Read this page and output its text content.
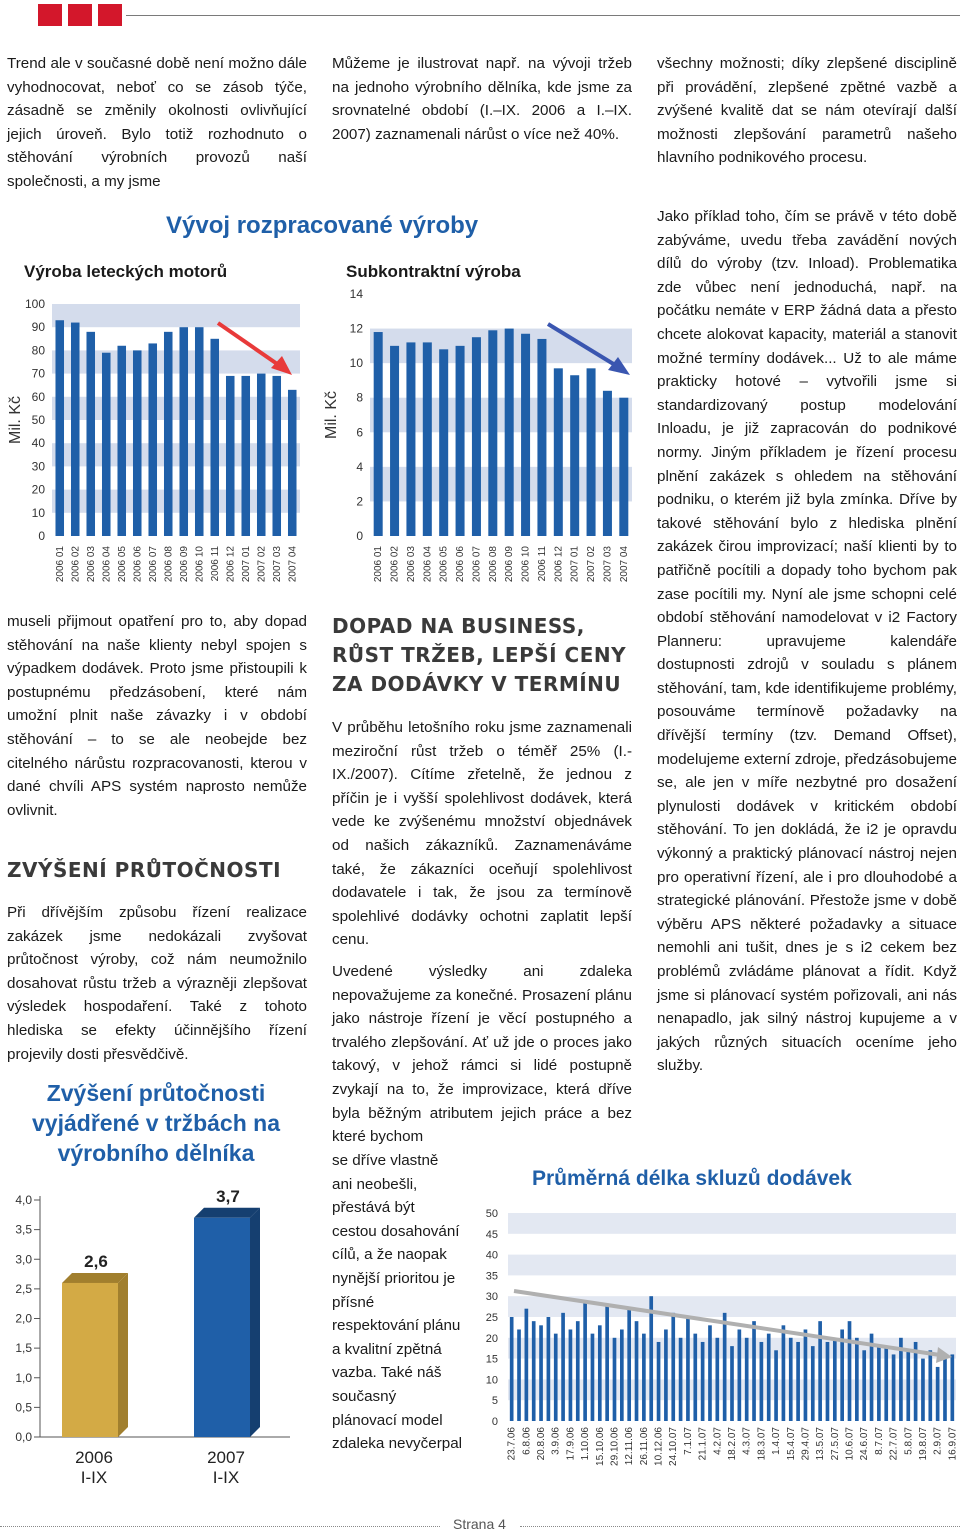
Trend ale v současné době není možno dále vyhodnocovat, neboť co se zásob týče, zásadně se změnily okolnosti ovlivňující jejich úroveň. Bylo totiž rozhodnuto o stěhování výrobních provozů naší společnosti, a my jsme

museli přijmout opatření pro to, aby dopad stěhování na naše klienty nebyl spojen s výpadkem dodávek. Proto jsme přistoupili k postupnému předzásobení, které nám umožní plnit naše závazky i v období stěhování – to se ale neobejde bez citelného nárůstu rozpracovanosti, kterou v dané chvíli APS systém naprosto nemůže ovlivnit.

ZVÝŠENÍ PRŮTOČNOSTI

Při dřívějším způsobu řízení realizace zakázek jsme nedokázali zvyšovat průtočnost výroby, což nám neumožnilo dosahovat růstu tržeb a výrazněji zlepšovat výsledek hospodaření. Také z tohoto hlediska se efekty účinnějšího řízení projevily dosti přesvědčivě.

Můžeme je ilustrovat např. na vývoji tržeb na jednoho výrobního dělníka, kde jsme za srovnatelné období (I.–IX. 2006 a I.–IX. 2007) zaznamenali nárůst o více než 40%.

DOPAD NA BUSINESS,
RŮST TRŽEB, LEPŠÍ CENY
ZA DODÁVKY V TERMÍNU

V průběhu letošního roku jsme zaznamenali meziroční růst tržeb o téměř 25% (I.-IX./2007). Cítíme zřetelně, že jednou z příčin je i vyšší spolehlivost dodávek, která vede ke zvýšenému množství objednávek od našich zákazníků. Zaznamenáváme také, že zákazníci oceňují spolehlivost dodavatele i tak, že jsou za termínově spolehlivé dodávky ochotni zaplatit lepší cenu.

Uvedené výsledky ani zdaleka nepovažujeme za konečné. Prosazení plánu jako nástroje řízení je věcí postupného a trvalého zlepšování. Ať už jde o proces jako takový, v jehož rámci si lidé postupně zvykají na to, že improvizace, která dříve byla běžným atributem jejich práce a bez které bychom

se dříve vlastně ani neobešli, přestává být cestou dosahování cílů, a že naopak nynější prioritou je přísné respektování plánu a kvalitní zpětná vazba. Také náš současný plánovací model zdaleka nevyčerpal

všechny možnosti; díky zlepšené disciplině při provádění, zlepšené zpětné vazbě a zvýšené kvalitě dat se nám otevírají další možnosti zlepšování parametrů našeho hlavního podnikového procesu.

Jako příklad toho, čím se právě v této době zabýváme, uvedu třeba zavádění nových dílů do výroby (tzv. Inload). Problematika zde vůbec není jednoduchá, např. na počátku nemáte v ERP žádná data a přesto chcete alokovat kapacity, materiál a stanovit možné termíny dodávek... Už to ale máme prakticky hotové – vytvořili jsme si standardizovaný postup modelování Inloadu, je již zapracován do podnikové normy. Jiným příkladem je řízení procesu plnění zakázek s ohledem na stěhování podniku, o kterém již byla zmínka. Dříve by takové stěhování bylo z hlediska plnění zakázek čirou improvizací; naší klienti by to patřičně pocítili a dopady toho bychom pak zase pocítili my. Nyní ale jsme schopni celé období stěhování namodelovat v i2 Factory Planneru: upravujeme kalendáře dostupnosti zdrojů v souladu s plánem stěhování, tam, kde identifikujeme problémy, posouváme termínově požadavky na dřívější termíny (tzv. Demand Offset), modelujeme externí zdroje, předzásobujeme se, ale jen v míře nezbytné pro dosažení plynulosti dodávek v kritickém období stěhování. To jen dokládá, že i2 je opravdu výkonný a praktický plánovací nástroj nejen pro operativní řízení, ale i pro dlouhodobé a strategické plánování. Přestože jsme v době výběru APS některé požadavky a situace nemohli ani tušit, dnes je s i2 cekem bez problémů zvládáme plánovat a řídit. Když jsme si plánovací systém pořizovali, ani nás nenapadlo, jak silný nástroj kupujeme a v jakých různých situacích oceníme jeho služby.

Vývoj rozpracované výroby
Výroba leteckých motorů
0
10
20
30
40
50
60
70
80
90
100
Mil. Kč
2006 01 2006 02 2006 03 2006 04 2006 05 2006 06 2006 07 2006 08 2006 09 2006 10 2006 11 2006 12 2007 01 2007 02 2007 03 2007 04
Subkontraktní výroba
0
2
4
6
8
10
12
14
Mil. Kč
2006 01 2006 02 2006 03 2006 04 2006 05 2006 06 2006 07 2006 08 2006 09 2006 10 2006 11 2006 12 2007 01 2007 02 2007 03 2007 04
Zvýšení průtočnosti vyjádřené v tržbách na výrobního dělníka
0,0
0,5
1,0
1,5
2,0
2,5
3,0
3,5
4,0
2,6
2006
I-IX
3,7
2007
I-IX
Průměrná délka skluzů dodávek
0
5
10
15
20
25
30
35
40
45
50
23.7.06 6.8.06 20.8.06 3.9.06 17.9.06 1.10.06 15.10.06 29.10.06 12.11.06 26.11.06 10.12.06 24.10.07 7.1.07 21.1.07 4.2.07 18.2.07 4.3.07 18.3.07 1.4.07 15.4.07 29.4.07 13.5.07 27.5.07 10.6.07 24.6.07 8.7.07 22.7.07 5.8.07 19.8.07 2.9.07 16.9.07
Strana 4
